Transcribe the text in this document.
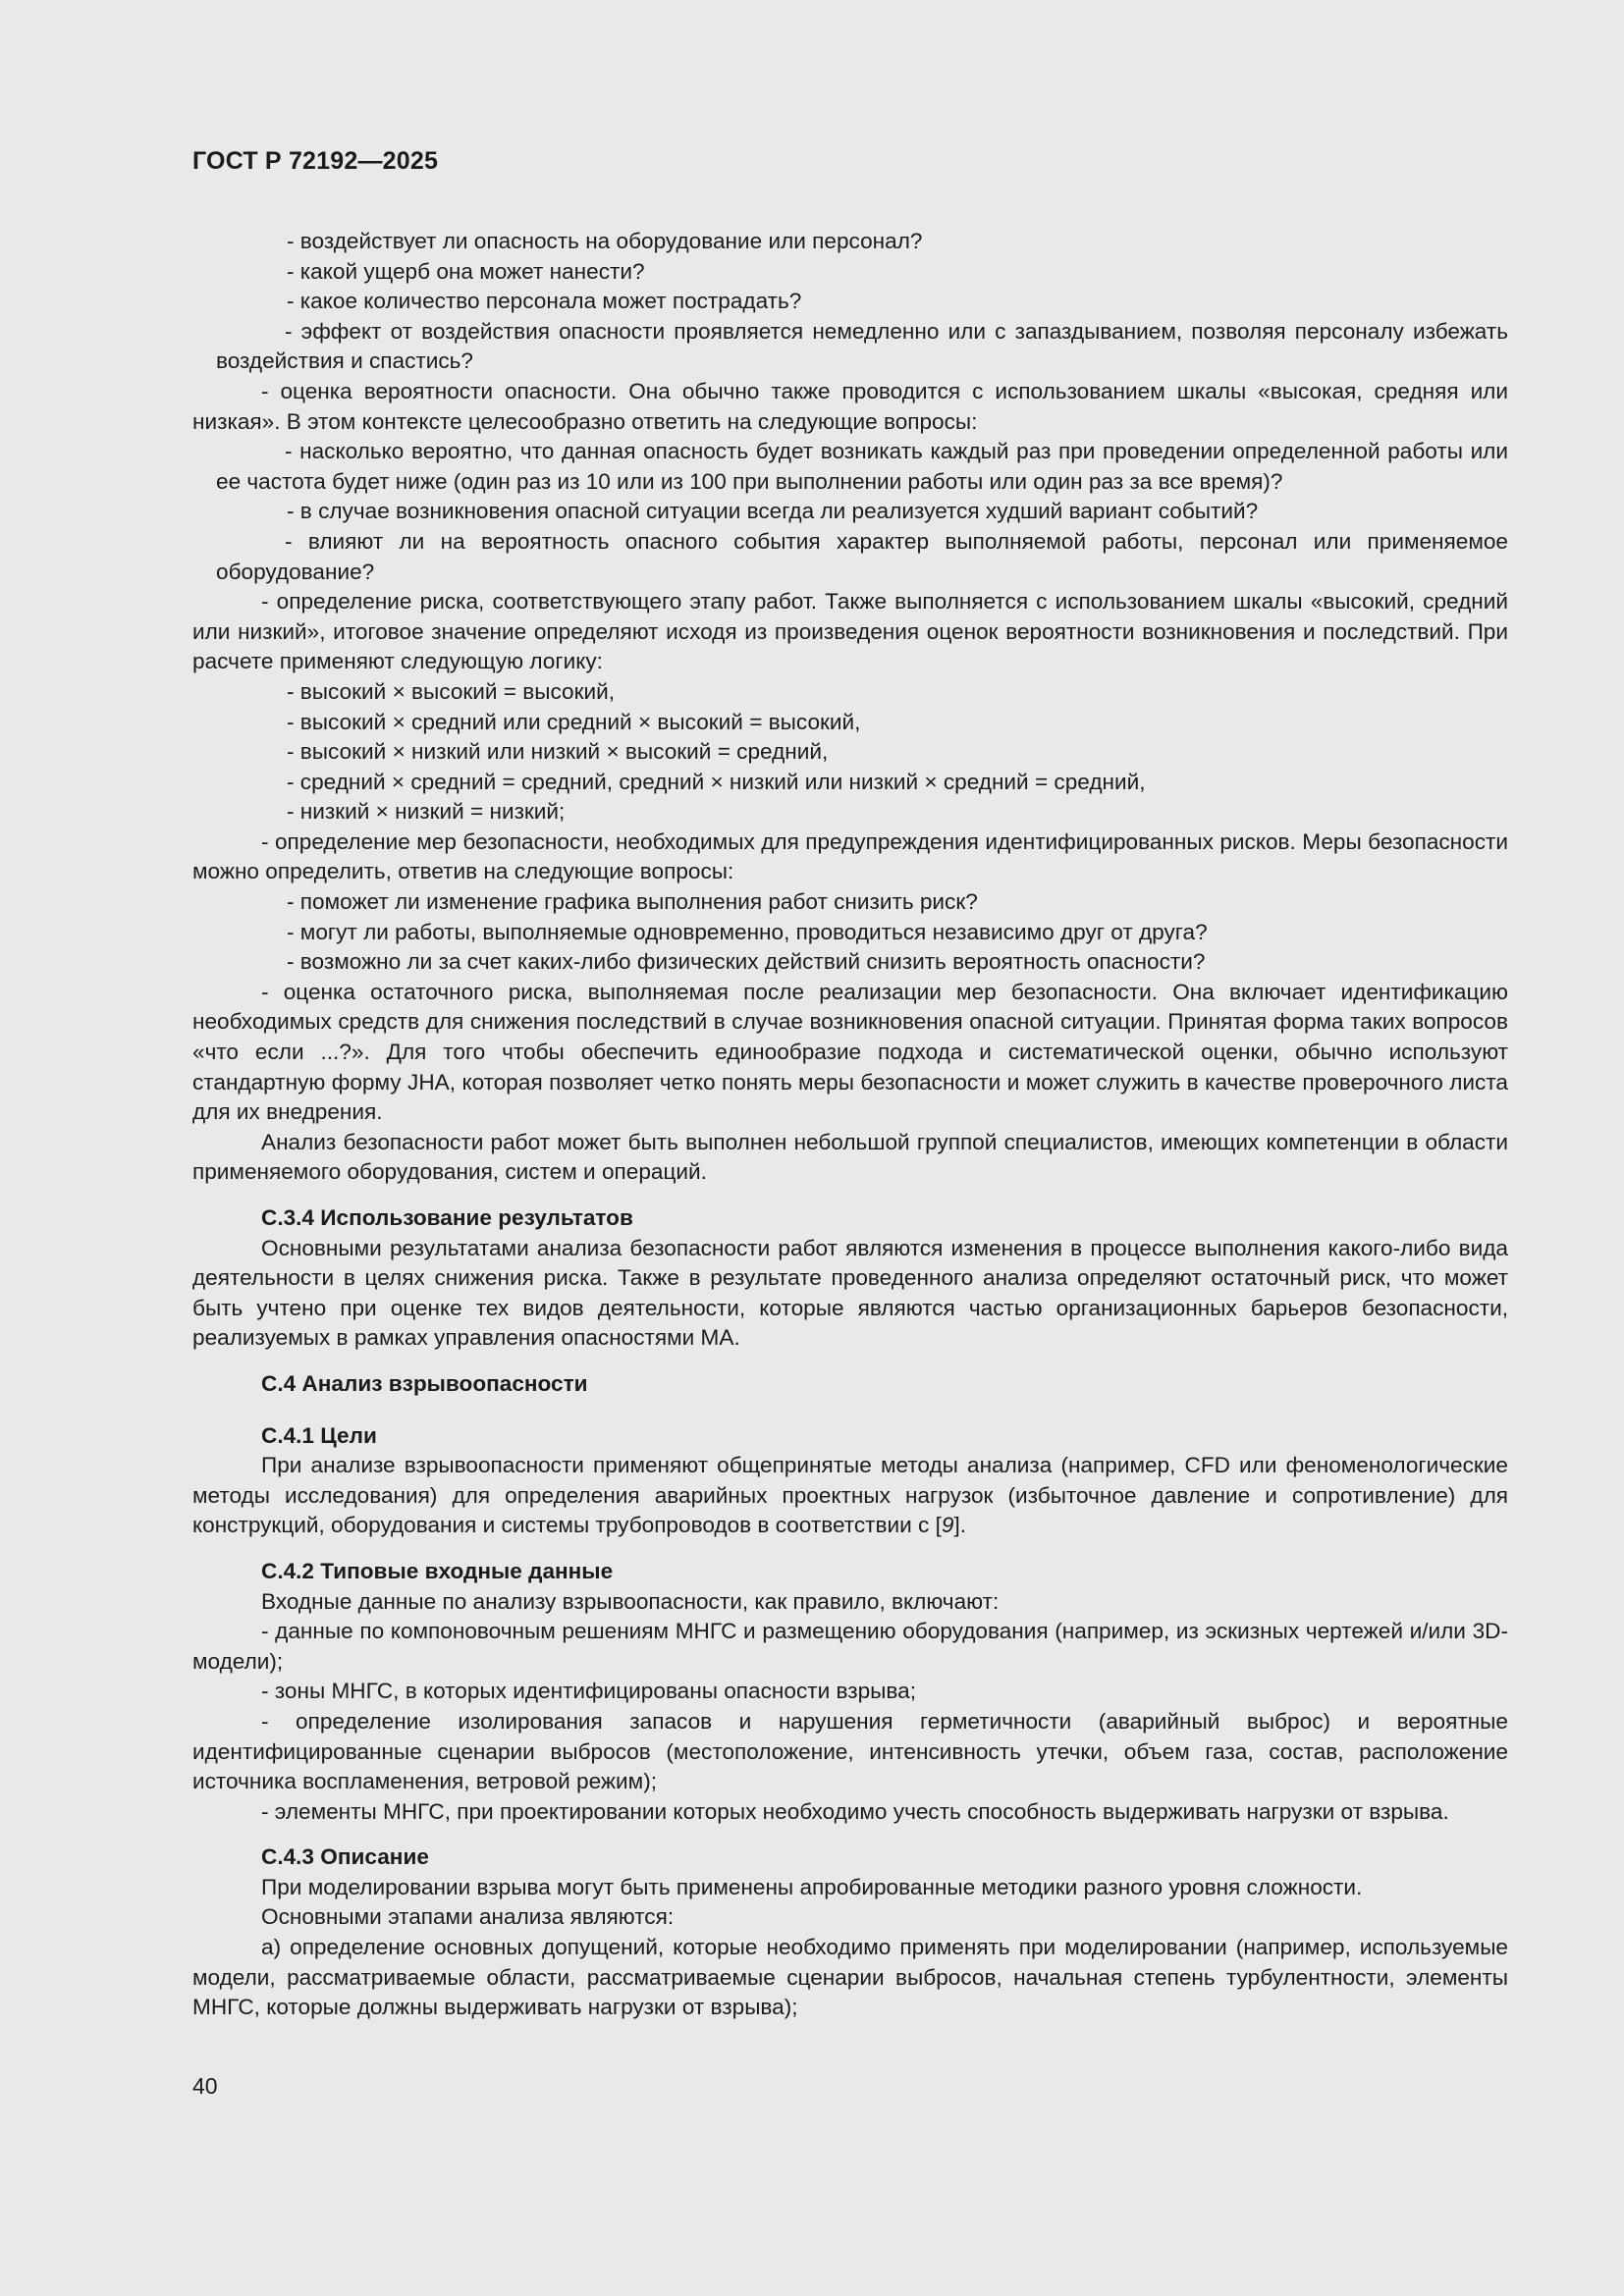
ГОСТ Р 72192—2025

- воздействует ли опасность на оборудование или персонал?

- какой ущерб она может нанести?

- какое количество персонала может пострадать?

- эффект от воздействия опасности проявляется немедленно или с запаздыванием, позволяя персоналу избежать воздействия и спастись?

- оценка вероятности опасности. Она обычно также проводится с использованием шкалы «высокая, средняя или низкая». В этом контексте целесообразно ответить на следующие вопросы:

- насколько вероятно, что данная опасность будет возникать каждый раз при проведении определенной работы или ее частота будет ниже (один раз из 10 или из 100 при выполнении работы или один раз за все время)?

- в случае возникновения опасной ситуации всегда ли реализуется худший вариант событий?

- влияют ли на вероятность опасного события характер выполняемой работы, персонал или применяемое оборудование?

- определение риска, соответствующего этапу работ. Также выполняется с использованием шкалы «высокий, средний или низкий», итоговое значение определяют исходя из произведения оценок вероятности возникновения и последствий. При расчете применяют следующую логику:

- высокий × высокий = высокий,

- высокий × средний или средний × высокий = высокий,

- высокий × низкий или низкий × высокий = средний,

- средний × средний = средний, средний × низкий или низкий × средний = средний,

- низкий × низкий = низкий;

- определение мер безопасности, необходимых для предупреждения идентифицированных рисков. Меры безопасности можно определить, ответив на следующие вопросы:

- поможет ли изменение графика выполнения работ снизить риск?

- могут ли работы, выполняемые одновременно, проводиться независимо друг от друга?

- возможно ли за счет каких-либо физических действий снизить вероятность опасности?

- оценка остаточного риска, выполняемая после реализации мер безопасности. Она включает идентификацию необходимых средств для снижения последствий в случае возникновения опасной ситуации. Принятая форма таких вопросов «что если ...?». Для того чтобы обеспечить единообразие подхода и систематической оценки, обычно используют стандартную форму JHA, которая позволяет четко понять меры безопасности и может служить в качестве проверочного листа для их внедрения.

Анализ безопасности работ может быть выполнен небольшой группой специалистов, имеющих компетенции в области применяемого оборудования, систем и операций.

С.3.4 Использование результатов

Основными результатами анализа безопасности работ являются изменения в процессе выполнения какого-либо вида деятельности в целях снижения риска. Также в результате проведенного анализа определяют остаточный риск, что может быть учтено при оценке тех видов деятельности, которые являются частью организационных барьеров безопасности, реализуемых в рамках управления опасностями МА.

С.4 Анализ взрывоопасности

С.4.1 Цели

При анализе взрывоопасности применяют общепринятые методы анализа (например, CFD или феноменологические методы исследования) для определения аварийных проектных нагрузок (избыточное давление и сопротивление) для конструкций, оборудования и системы трубопроводов в соответствии с [9].

С.4.2 Типовые входные данные

Входные данные по анализу взрывоопасности, как правило, включают:

- данные по компоновочным решениям МНГС и размещению оборудования (например, из эскизных чертежей и/или 3D-модели);

- зоны МНГС, в которых идентифицированы опасности взрыва;

- определение изолирования запасов и нарушения герметичности (аварийный выброс) и вероятные идентифицированные сценарии выбросов (местоположение, интенсивность утечки, объем газа, состав, расположение источника воспламенения, ветровой режим);

- элементы МНГС, при проектировании которых необходимо учесть способность выдерживать нагрузки от взрыва.

С.4.3 Описание

При моделировании взрыва могут быть применены апробированные методики разного уровня сложности.

Основными этапами анализа являются:

а) определение основных допущений, которые необходимо применять при моделировании (например, используемые модели, рассматриваемые области, рассматриваемые сценарии выбросов, начальная степень турбулентности, элементы МНГС, которые должны выдерживать нагрузки от взрыва);

40
